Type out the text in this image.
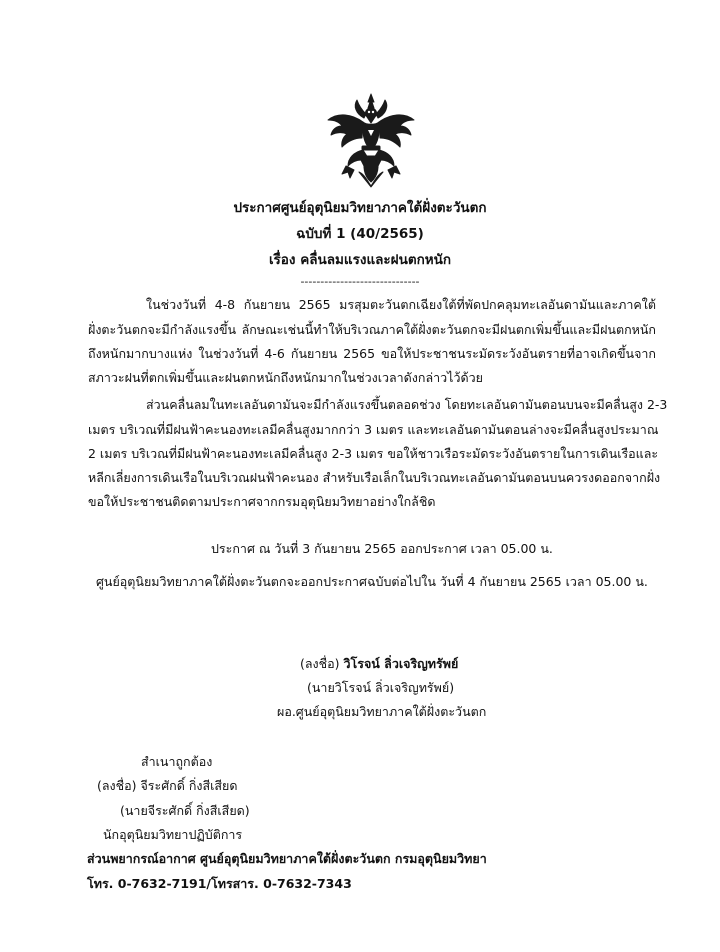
ประกาศศูนย์อุตุนิยมวิทยาภาคใต้ฝั่งตะวันตก
ฉบับที่ 1 (40/2565)
เรื่อง คลื่นลมแรงและฝนตกหนัก
------------------------------
ในช่วงวันที่ 4-8 กันยายน 2565 มรสุมตะวันตกเฉียงใต้ที่พัดปกคลุมทะเลอันดามันและภาคใต้
ฝั่งตะวันตกจะมีกำลังแรงขึ้น ลักษณะเช่นนี้ทำให้บริเวณภาคใต้ฝั่งตะวันตกจะมีฝนตกเพิ่มขึ้นและมีฝนตกหนัก
ถึงหนักมากบางแห่ง ในช่วงวันที่ 4-6 กันยายน 2565 ขอให้ประชาชนระมัดระวังอันตรายที่อาจเกิดขึ้นจาก
สภาวะฝนที่ตกเพิ่มขึ้นและฝนตกหนักถึงหนักมากในช่วงเวลาดังกล่าวไว้ด้วย
ส่วนคลื่นลมในทะเลอันดามันจะมีกำลังแรงขึ้นตลอดช่วง โดยทะเลอันดามันตอนบนจะมีคลื่นสูง 2-3
เมตร บริเวณที่มีฝนฟ้าคะนองทะเลมีคลื่นสูงมากกว่า 3 เมตร และทะเลอันดามันตอนล่างจะมีคลื่นสูงประมาณ
2 เมตร บริเวณที่มีฝนฟ้าคะนองทะเลมีคลื่นสูง 2-3 เมตร ขอให้ชาวเรือระมัดระวังอันตรายในการเดินเรือและ
หลีกเลี่ยงการเดินเรือในบริเวณฝนฟ้าคะนอง สำหรับเรือเล็กในบริเวณทะเลอันดามันตอนบนควรงดออกจากฝั่ง
ขอให้ประชาชนติดตามประกาศจากกรมอุตุนิยมวิทยาอย่างใกล้ชิด
ประกาศ ณ วันที่ 3 กันยายน 2565 ออกประกาศ เวลา 05.00 น.
ศูนย์อุตุนิยมวิทยาภาคใต้ฝั่งตะวันตกจะออกประกาศฉบับต่อไปใน วันที่ 4 กันยายน 2565 เวลา 05.00 น.
(ลงชื่อ) วิโรจน์ ลิ่วเจริญทรัพย์
(นายวิโรจน์ ลิ่วเจริญทรัพย์)
ผอ.ศูนย์อุตุนิยมวิทยาภาคใต้ฝั่งตะวันตก
สำเนาถูกต้อง
(ลงชื่อ) จีระศักดิ์ กิ่งสีเสียด
(นายจีระศักดิ์ กิ่งสีเสียด)
นักอุตุนิยมวิทยาปฏิบัติการ
ส่วนพยากรณ์อากาศ ศูนย์อุตุนิยมวิทยาภาคใต้ฝั่งตะวันตก กรมอุตุนิยมวิทยา
โทร. 0-7632-7191/โทรสาร. 0-7632-7343
